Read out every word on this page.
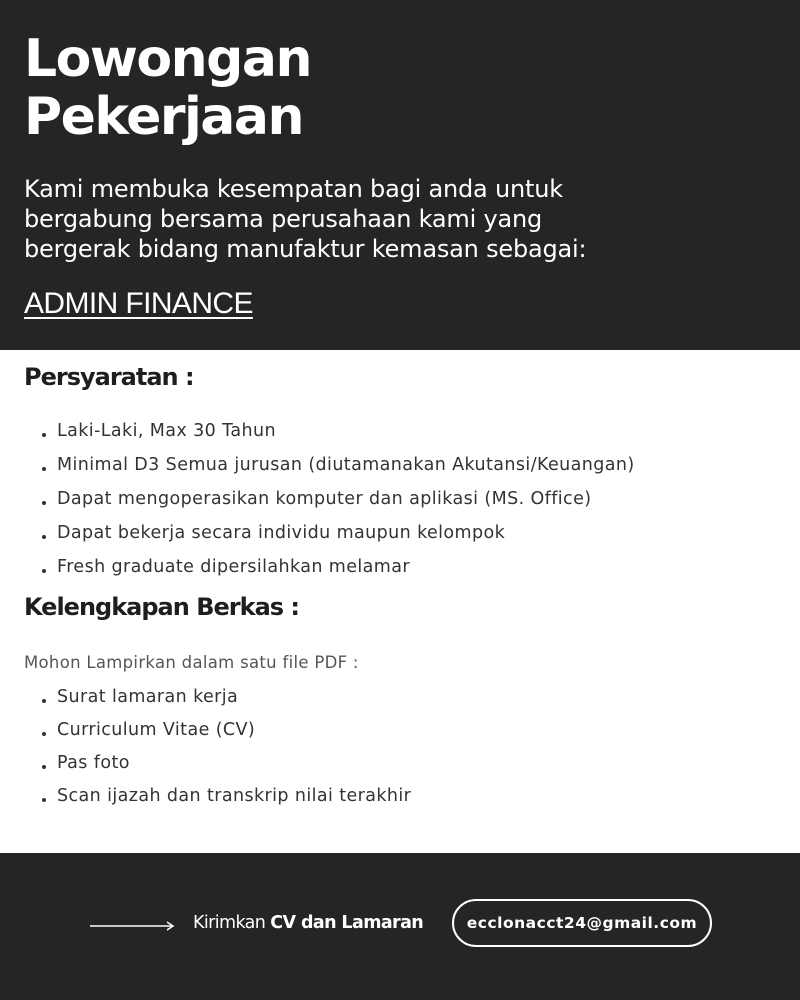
Lowongan
Pekerjaan

Kami membuka kesempatan bagi anda untuk
bergabung bersama perusahaan kami yang
bergerak bidang manufaktur kemasan sebagai:

ADMIN FINANCE
Persyaratan :
Laki-Laki, Max 30 Tahun
Minimal D3 Semua jurusan (diutamanakan Akutansi/Keuangan)
Dapat mengoperasikan komputer dan aplikasi (MS. Office)
Dapat bekerja secara individu maupun kelompok
Fresh graduate dipersilahkan melamar
Kelengkapan Berkas :

Mohon Lampirkan dalam satu file PDF :

Surat lamaran kerja
Curriculum Vitae (CV)
Pas foto
Scan ijazah dan transkrip nilai terakhir
Kirimkan CV dan Lamaran	ecclonacct24@gmail.com
